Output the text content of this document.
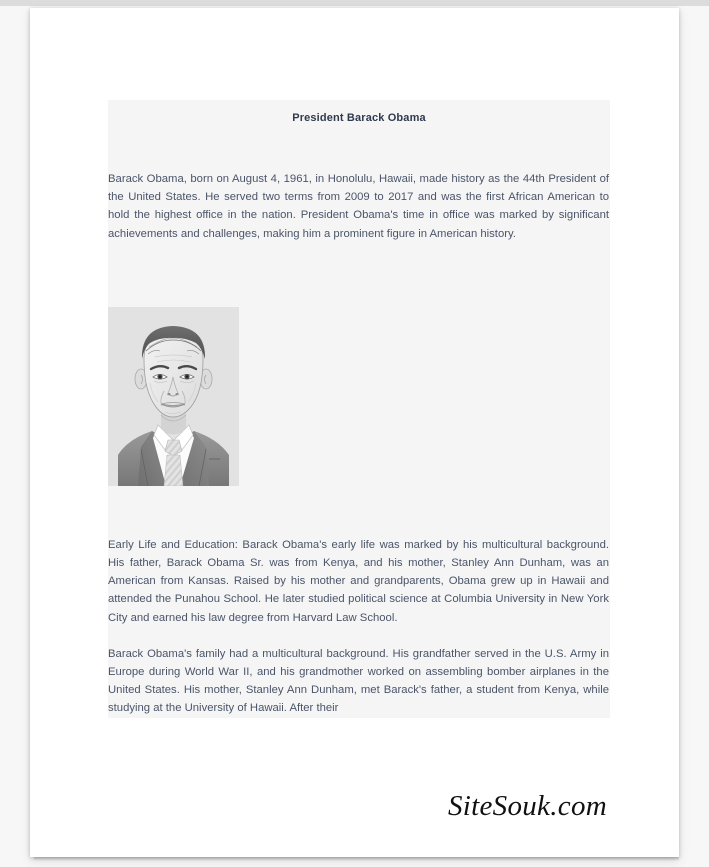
President Barack Obama

Barack Obama, born on August 4, 1961, in Honolulu, Hawaii, made history as the 44th President of the United States. He served two terms from 2009 to 2017 and was the first African American to hold the highest office in the nation. President Obama's time in office was marked by significant achievements and challenges, making him a prominent figure in American history.

Early Life and Education: Barack Obama's early life was marked by his multicultural background. His father, Barack Obama Sr. was from Kenya, and his mother, Stanley Ann Dunham, was an American from Kansas. Raised by his mother and grandparents, Obama grew up in Hawaii and attended the Punahou School. He later studied political science at Columbia University in New York City and earned his law degree from Harvard Law School.

Barack Obama's family had a multicultural background. His grandfather served in the U.S. Army in Europe during World War II, and his grandmother worked on assembling bomber airplanes in the United States. His mother, Stanley Ann Dunham, met Barack's father, a student from Kenya, while studying at the University of Hawaii. After their

SiteSouk.com
